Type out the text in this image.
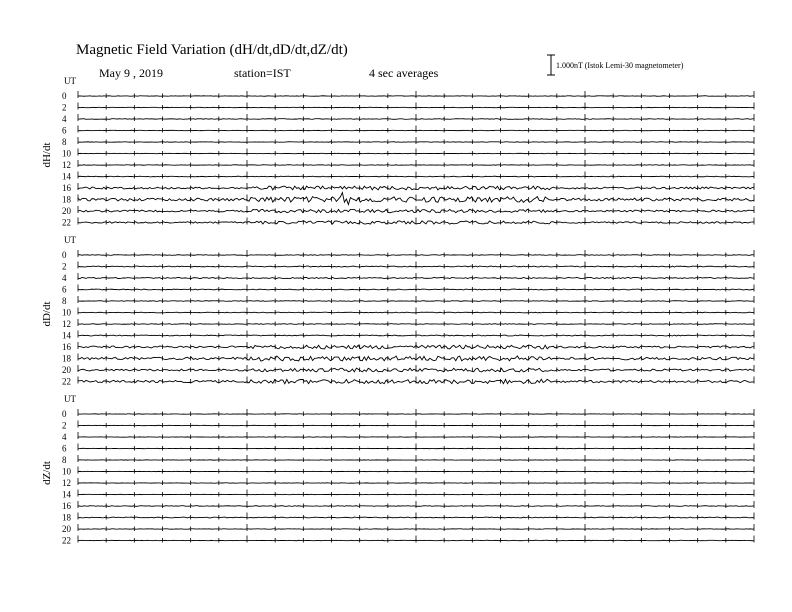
Magnetic Field Variation (dH/dt,dD/dt,dZ/dt)
May 9 , 2019	station=IST	4 sec averages
1.000nT (Istok Lemi-30 magnetometer)
UT
dH/dt
0
2
4
6
8
10
12
14
16
18
20
22
UT
dD/dt
0
2
4
6
8
10
12
14
16
18
20
22
UT
dZ/dt
0
2
4
6
8
10
12
14
16
18
20
22
